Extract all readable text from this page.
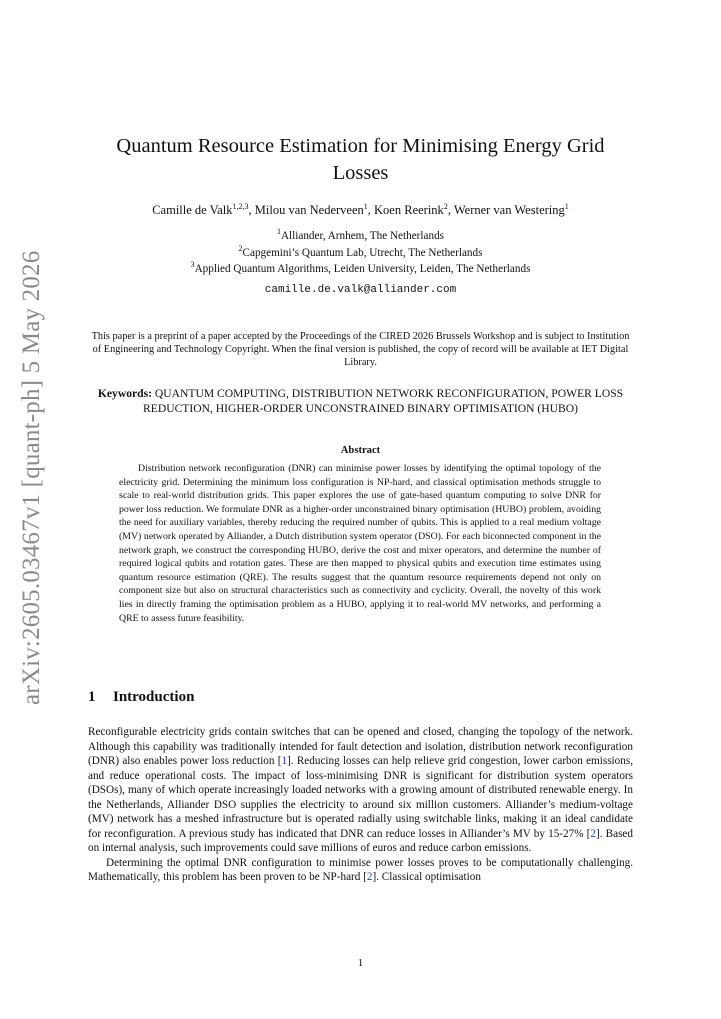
arXiv:2605.03467v1 [quant-ph] 5 May 2026
Quantum Resource Estimation for Minimising Energy Grid Losses
Camille de Valk$^{1,2,3}$, Milou van Nederveen$^1$, Koen Reerink$^2$, Werner van Westering$^1$
$^1$Alliander, Arnhem, The Netherlands
$^2$Capgemini’s Quantum Lab, Utrecht, The Netherlands
$^3$Applied Quantum Algorithms, Leiden University, Leiden, The Netherlands
camille.de.valk@alliander.com
This paper is a preprint of a paper accepted by the Proceedings of the CIRED 2026 Brussels Workshop and is subject to Institution of Engineering and Technology Copyright. When the final version is published, the copy of record will be available at IET Digital Library.
Keywords: QUANTUM COMPUTING, DISTRIBUTION NETWORK RECONFIGURATION, POWER LOSS REDUCTION, HIGHER-ORDER UNCONSTRAINED BINARY OPTIMISATION (HUBO)
Abstract
Distribution network reconfiguration (DNR) can minimise power losses by identifying the optimal topology of the electricity grid. Determining the minimum loss configuration is NP-hard, and classical optimisation methods struggle to scale to real-world distribution grids. This paper explores the use of gate-based quantum computing to solve DNR for power loss reduction. We formulate DNR as a higher-order unconstrained binary optimisation (HUBO) problem, avoiding the need for auxiliary variables, thereby reducing the required number of qubits. This is applied to a real medium voltage (MV) network operated by Alliander, a Dutch distribution system operator (DSO). For each biconnected component in the network graph, we construct the corresponding HUBO, derive the cost and mixer operators, and determine the number of required logical qubits and rotation gates. These are then mapped to physical qubits and execution time estimates using quantum resource estimation (QRE). The results suggest that the quantum resource requirements depend not only on component size but also on structural characteristics such as connectivity and cyclicity. Overall, the novelty of this work lies in directly framing the optimisation problem as a HUBO, applying it to real-world MV networks, and performing a QRE to assess future feasibility.
1 Introduction

Reconfigurable electricity grids contain switches that can be opened and closed, changing the topology of the network. Although this capability was traditionally intended for fault detection and isolation, distribution network reconfiguration (DNR) also enables power loss reduction [1]. Reducing losses can help relieve grid congestion, lower carbon emissions, and reduce operational costs. The impact of loss-minimising DNR is significant for distribution system operators (DSOs), many of which operate increasingly loaded networks with a growing amount of distributed renewable energy. In the Netherlands, Alliander DSO supplies the electricity to around six million customers. Alliander’s medium-voltage (MV) network has a meshed infrastructure but is operated radially using switchable links, making it an ideal candidate for reconfiguration. A previous study has indicated that DNR can reduce losses in Alliander’s MV by 15-27% [2]. Based on internal analysis, such improvements could save millions of euros and reduce carbon emissions.

Determining the optimal DNR configuration to minimise power losses proves to be computationally challenging. Mathematically, this problem has been proven to be NP-hard [2]. Classical optimisation

1
